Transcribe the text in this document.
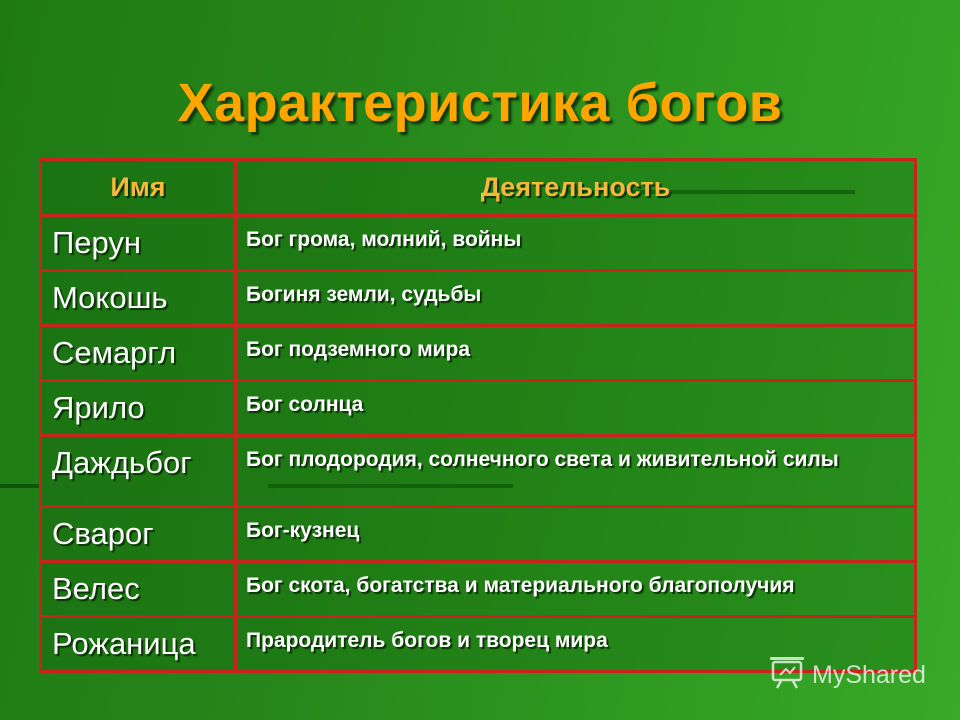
Характеристика богов
Имя	Деятельность
Перун	Бог грома, молний, войны
Мокошь	Богиня земли, судьбы
Семаргл	Бог подземного мира
Ярило	Бог солнца
Даждьбог	Бог плодородия, солнечного света и живительной силы
Сварог	Бог-кузнец
Велес	Бог скота, богатства и материального благополучия
Рожаница	Прародитель богов и творец мира
MyShared
